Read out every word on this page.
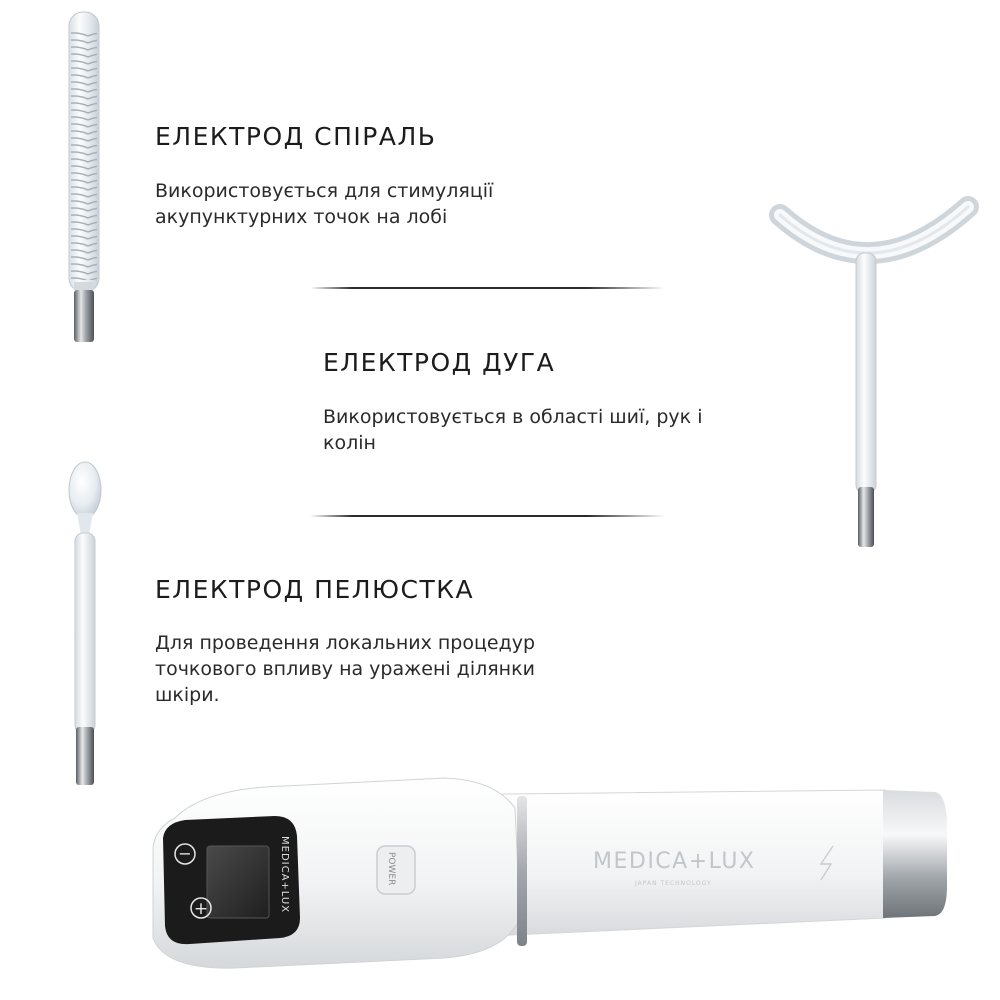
ЕЛЕКТРОД СПІРАЛЬ
Використовується для стимуляції
акупунктурних точок на лобі
ЕЛЕКТРОД ДУГА
Використовується в області шиї, рук і
колін
ЕЛЕКТРОД ПЕЛЮСТКА
Для проведення локальних процедур
точкового впливу на уражені ділянки
шкіри.
−
+	MEDICA+LUX	POWER	MEDICA+LUX
JAPAN TECHNOLOGY
